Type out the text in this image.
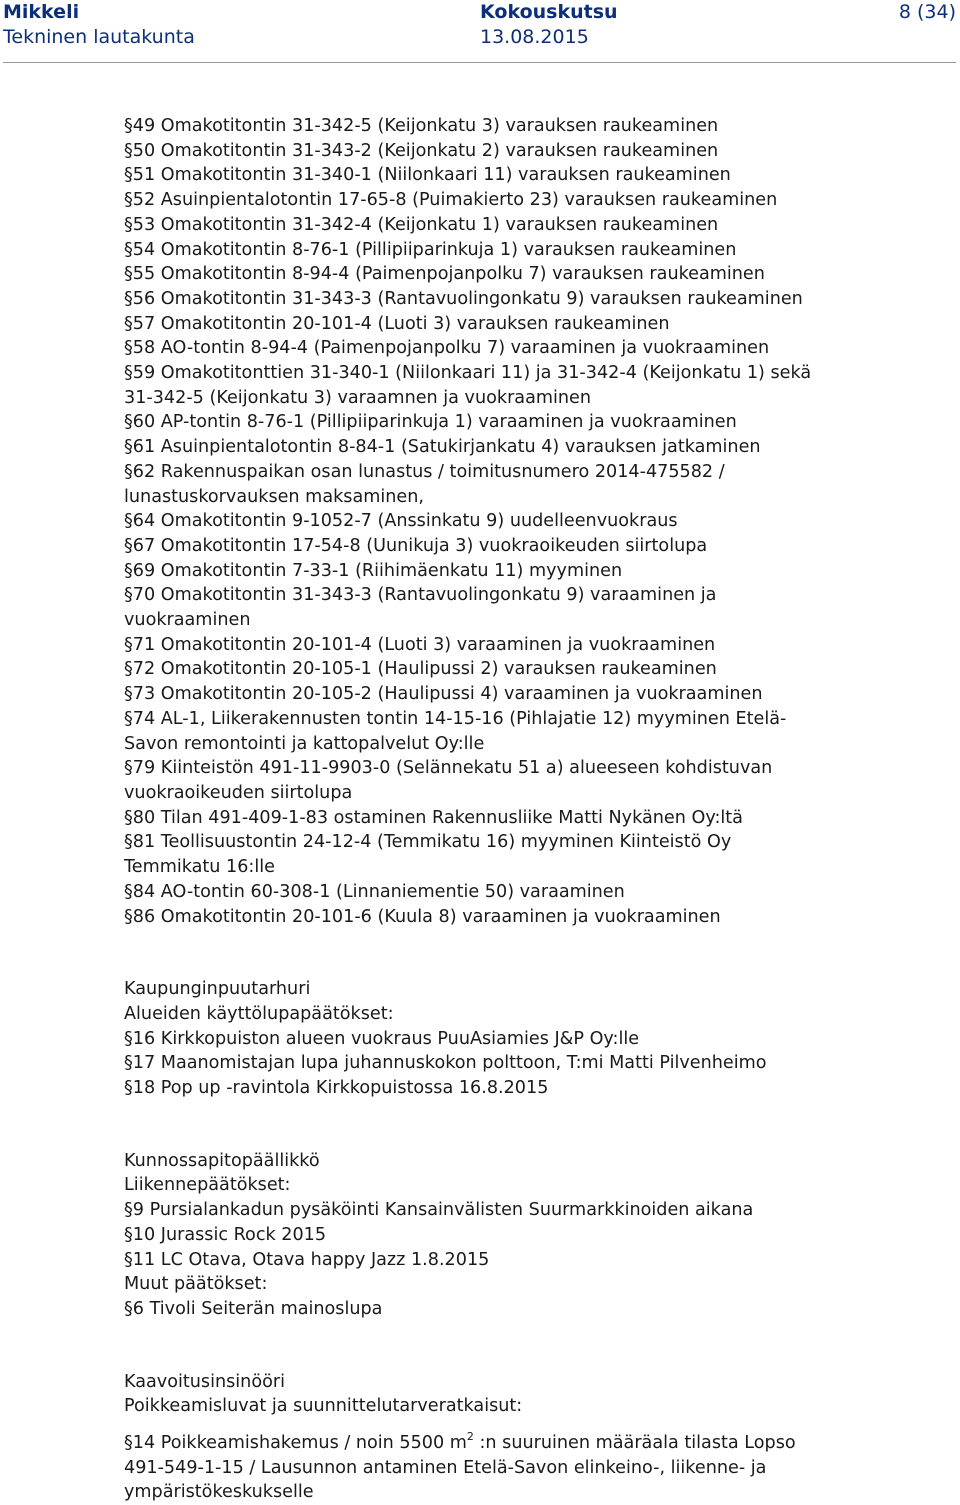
Mikkeli
Tekninen lautakunta
Kokouskutsu
13.08.2015
8 (34)
§49 Omakotitontin 31-342-5 (Keijonkatu 3) varauksen raukeaminen
§50 Omakotitontin 31-343-2 (Keijonkatu 2) varauksen raukeaminen
§51 Omakotitontin 31-340-1 (Niilonkaari 11) varauksen raukeaminen
§52 Asuinpientalotontin 17-65-8 (Puimakierto 23) varauksen raukeaminen
§53 Omakotitontin 31-342-4 (Keijonkatu 1) varauksen raukeaminen
§54 Omakotitontin 8-76-1 (Pillipiiparinkuja 1) varauksen raukeaminen
§55 Omakotitontin 8-94-4 (Paimenpojanpolku 7) varauksen raukeaminen
§56 Omakotitontin 31-343-3 (Rantavuolingonkatu 9) varauksen raukeaminen
§57 Omakotitontin 20-101-4 (Luoti 3) varauksen raukeaminen
§58 AO-tontin 8-94-4 (Paimenpojanpolku 7) varaaminen ja vuokraaminen
§59 Omakotitonttien 31-340-1 (Niilonkaari 11) ja 31-342-4 (Keijonkatu 1) sekä
31-342-5 (Keijonkatu 3) varaamnen ja vuokraaminen
§60 AP-tontin 8-76-1 (Pillipiiparinkuja 1) varaaminen ja vuokraaminen
§61 Asuinpientalotontin 8-84-1 (Satukirjankatu 4) varauksen jatkaminen
§62 Rakennuspaikan osan lunastus / toimitusnumero 2014-475582 /
lunastuskorvauksen maksaminen,
§64 Omakotitontin 9-1052-7 (Anssinkatu 9) uudelleenvuokraus
§67 Omakotitontin 17-54-8 (Uunikuja 3) vuokraoikeuden siirtolupa
§69 Omakotitontin 7-33-1 (Riihimäenkatu 11) myyminen
§70 Omakotitontin 31-343-3 (Rantavuolingonkatu 9) varaaminen ja
vuokraaminen
§71 Omakotitontin 20-101-4 (Luoti 3) varaaminen ja vuokraaminen
§72 Omakotitontin 20-105-1 (Haulipussi 2) varauksen raukeaminen
§73 Omakotitontin 20-105-2 (Haulipussi 4) varaaminen ja vuokraaminen
§74 AL-1, Liikerakennusten tontin 14-15-16 (Pihlajatie 12) myyminen Etelä-
Savon remontointi ja kattopalvelut Oy:lle
§79 Kiinteistön 491-11-9903-0 (Selännekatu 51 a) alueeseen kohdistuvan
vuokraoikeuden siirtolupa
§80 Tilan 491-409-1-83 ostaminen Rakennusliike Matti Nykänen Oy:ltä
§81 Teollisuustontin 24-12-4 (Temmikatu 16) myyminen Kiinteistö Oy
Temmikatu 16:lle
§84 AO-tontin 60-308-1 (Linnaniementie 50) varaaminen
§86 Omakotitontin 20-101-6 (Kuula 8) varaaminen ja vuokraaminen
Kaupunginpuutarhuri
Alueiden käyttölupapäätökset:
§16 Kirkkopuiston alueen vuokraus PuuAsiamies J&P Oy:lle
§17 Maanomistajan lupa juhannuskokon polttoon, T:mi Matti Pilvenheimo
§18 Pop up -ravintola Kirkkopuistossa 16.8.2015
Kunnossapitopäällikkö
Liikennepäätökset:
§9 Pursialankadun pysäköinti Kansainvälisten Suurmarkkinoiden aikana
§10 Jurassic Rock 2015
§11 LC Otava, Otava happy Jazz 1.8.2015
Muut päätökset:
§6 Tivoli Seiterän mainoslupa
Kaavoitusinsinööri
Poikkeamisluvat ja suunnittelutarveratkaisut:
§14 Poikkeamishakemus / noin 5500 $m^2$ :n suuruinen määräala tilasta Lopso
491-549-1-15 / Lausunnon antaminen Etelä-Savon elinkeino-, liikenne- ja
ympäristökeskukselle
